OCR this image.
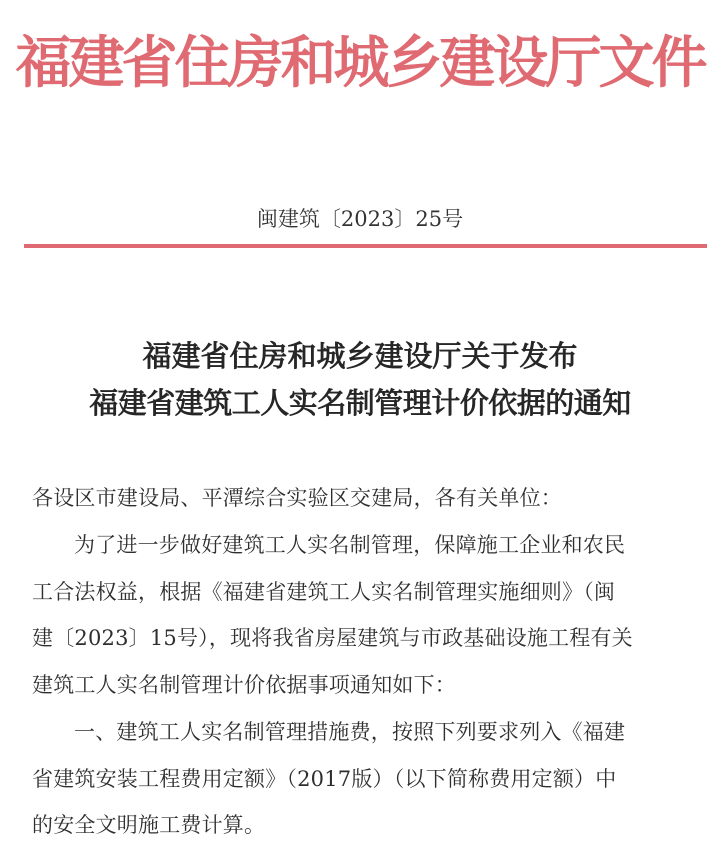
福建省住房和城乡建设厅文件
闽建筑〔2023〕25号
福建省住房和城乡建设厅关于发布
福建省建筑工人实名制管理计价依据的通知
各设区市建设局、平潭综合实验区交建局，各有关单位：
为了进一步做好建筑工人实名制管理，保障施工企业和农民
工合法权益，根据《福建省建筑工人实名制管理实施细则》（闽
建〔2023〕15号），现将我省房屋建筑与市政基础设施工程有关
建筑工人实名制管理计价依据事项通知如下：
一、建筑工人实名制管理措施费，按照下列要求列入《福建
省建筑安装工程费用定额》（2017版）（以下简称费用定额）中
的安全文明施工费计算。
